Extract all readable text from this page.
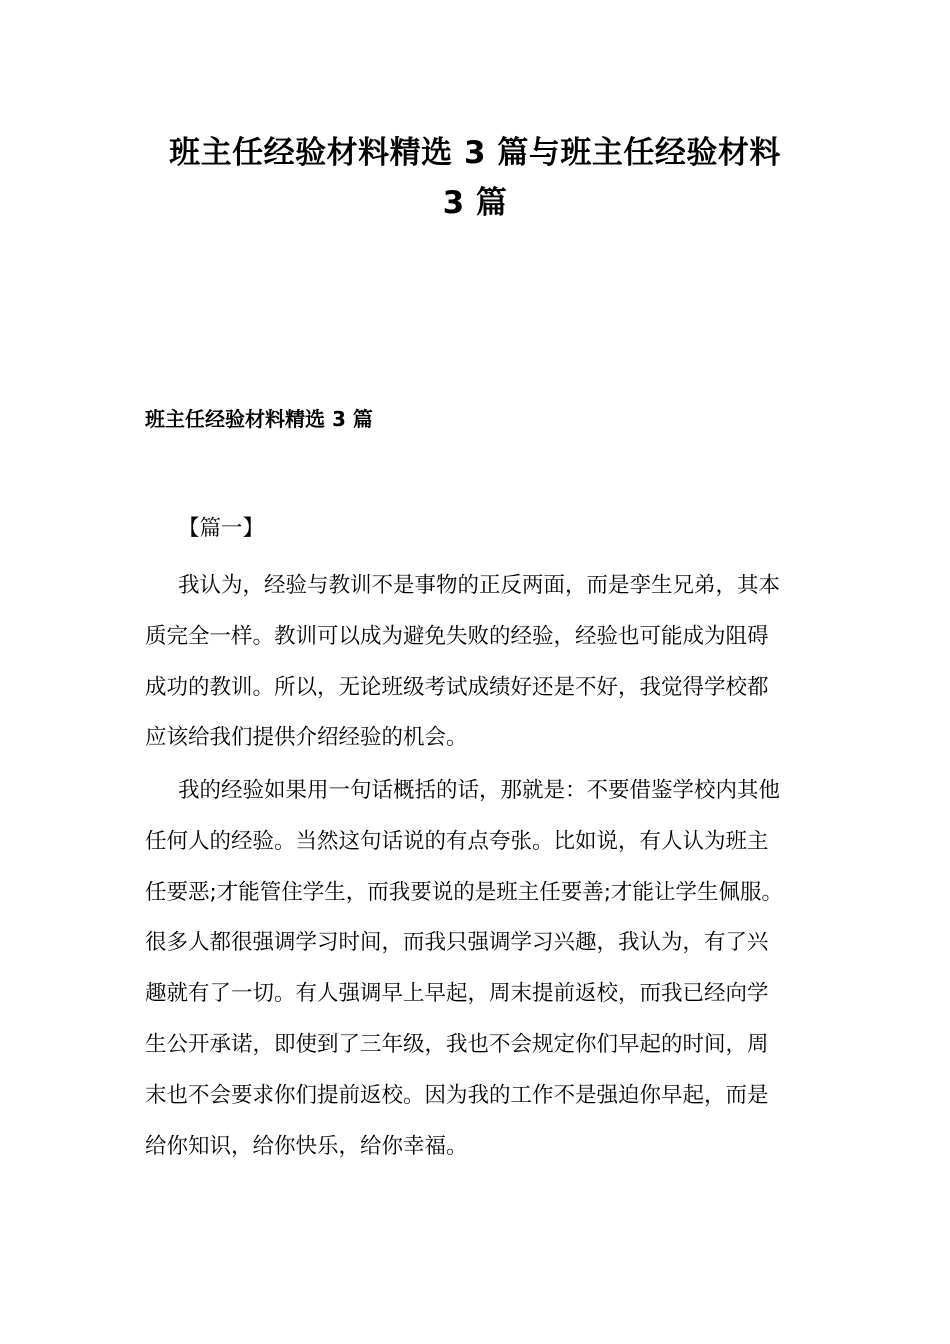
班主任经验材料精选 3 篇与班主任经验材料
3 篇
班主任经验材料精选 3 篇
【篇一】
我认为，经验与教训不是事物的正反两面，而是孪生兄弟，其本
质完全一样。教训可以成为避免失败的经验，经验也可能成为阻碍
成功的教训。所以，无论班级考试成绩好还是不好，我觉得学校都
应该给我们提供介绍经验的机会。
我的经验如果用一句话概括的话，那就是：不要借鉴学校内其他
任何人的经验。当然这句话说的有点夸张。比如说，有人认为班主
任要恶;才能管住学生，而我要说的是班主任要善;才能让学生佩服。
很多人都很强调学习时间，而我只强调学习兴趣，我认为，有了兴
趣就有了一切。有人强调早上早起，周末提前返校，而我已经向学
生公开承诺，即使到了三年级，我也不会规定你们早起的时间，周
末也不会要求你们提前返校。因为我的工作不是强迫你早起，而是
给你知识，给你快乐，给你幸福。
